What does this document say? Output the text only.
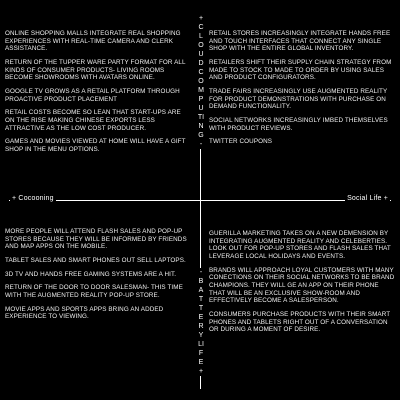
+ CLOUD COMPUTING -
- BATTERY LIFE +
+ Cocooning	Social Life +

ONLINE SHOPPING MALLS INTEGRATE REAL SHOPPING EXPERIENCES WITH REAL-TIME CAMERA AND CLERK ASSISTANCE.

RETURN OF THE TUPPER WARE PARTY FORMAT FOR ALL KINDS OF CONSUMER PRODUCTS- LIVING ROOMS BECOME SHOWROOMS WITH AVATARS ONLINE.

GOOGLE TV GROWS AS A RETAIL PLATFORM THROUGH PROACTIVE PRODUCT PLACEMENT

RETAIL COSTS BECOME SO LEAN THAT START-UPS ARE ON THE RISE MAKING CHINESE EXPORTS LESS ATTRACTIVE AS THE LOW COST PRODUCER.

GAMES AND MOVIES VIEWED AT HOME WILL HAVE A GIFT SHOP IN THE MENU OPTIONS.

RETAIL STORES INCREASINGLY INTEGRATE HANDS FREE AND TOUCH INTERFACES THAT CONNECT ANY SINGLE SHOP WITH THE ENTIRE GLOBAL INVENTORY.

RETAILERS SHIFT THEIR SUPPLY CHAIN STRATEGY FROM MADE TO STOCK TO MADE TO ORDER BY USING SALES AND PRODUCT CONFIGURATORS.

TRADE FAIRS INCREASINGLY USE AUGMENTED REALITY FOR PRODUCT DEMONSTRATIONS WITH PURCHASE ON DEMAND FUNCTIONALITY.

SOCIAL NETWORKS INCREASINGLY IMBED THEMSELVES WITH PRODUCT REVIEWS.

TWITTER COUPONS

MORE PEOPLE WILL ATTEND FLASH SALES AND POP-UP STORES BECAUSE THEY WILL BE INFORMED BY FRIENDS AND MAP APPS ON THE MOBILE.

TABLET SALES AND SMART PHONES OUT SELL LAPTOPS.

3D TV AND HANDS FREE GAMING SYSTEMS ARE A HIT.

RETURN OF THE DOOR TO DOOR SALESMAN- THIS TIME WITH THE AUGMENTED REALITY POP-UP STORE.

MOVIE APPS AND SPORTS APPS BRING AN ADDED EXPERIENCE TO VIEWING.

GUERILLA MARKETING TAKES ON A NEW DEMENSION BY INTEGRATING AUGMENTED REALITY AND CELEBERTIES. LOOK OUT FOR POP-UP STORES AND FLASH SALES THAT LEVERAGE LOCAL HOLIDAYS AND EVENTS.

BRANDS WILL APPROACH LOYAL CUSTOMERS WITH MANY CONECTIONS ON THEIR SOCIAL NETWORKS TO BE BRAND CHAMPIONS. THEY WILL GE AN APP ON THEIR PHONE THAT WILL BE AN EXCLUSIVE SHOW-ROOM AND EFFECTIVELY BECOME A SALESPERSON.

CONSUMERS PURCHASE PRODUCTS WITH THEIR SMART PHONES AND TABLETS RIGHT OUT OF A CONVERSATION OR DURING A MOMENT OF DESIRE.
